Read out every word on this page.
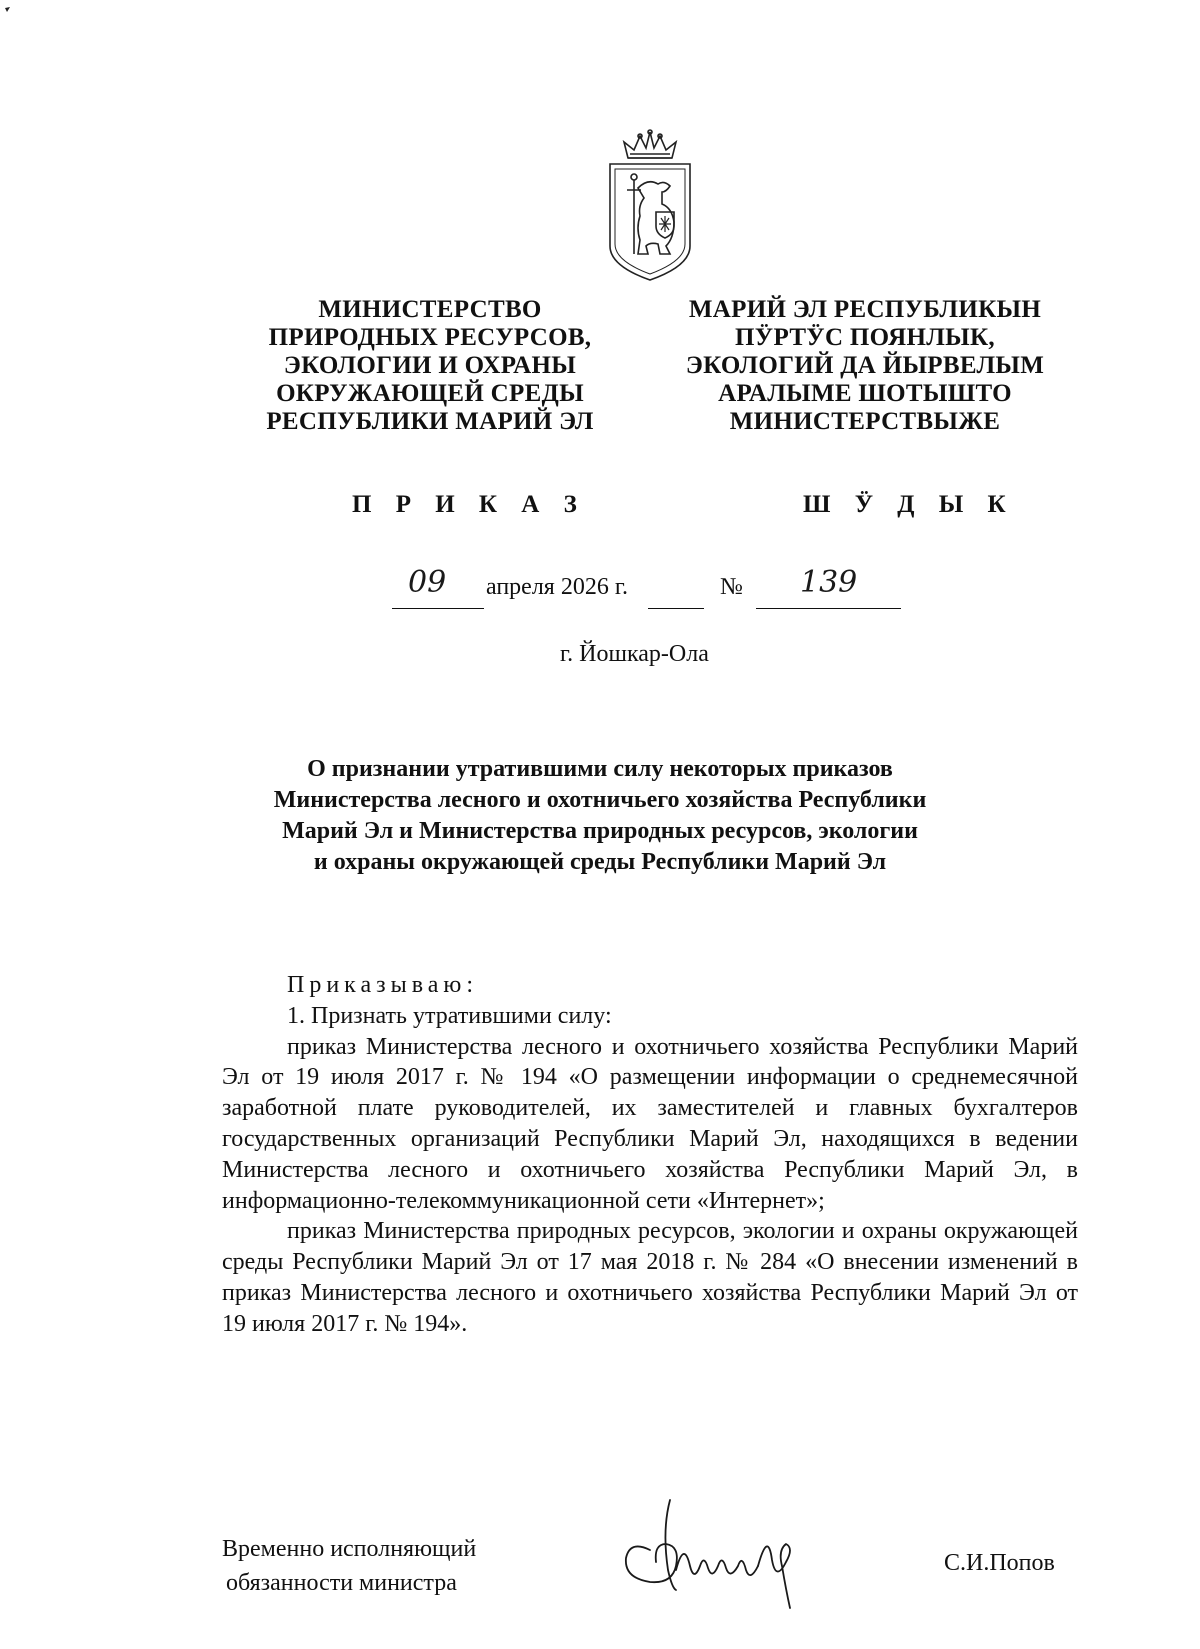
МИНИСТЕРСТВО
ПРИРОДНЫХ РЕСУРСОВ,
ЭКОЛОГИИ И ОХРАНЫ
ОКРУЖАЮЩЕЙ СРЕДЫ
РЕСПУБЛИКИ МАРИЙ ЭЛ
МАРИЙ ЭЛ РЕСПУБЛИКЫН
ПӰРТӰС ПОЯНЛЫК,
ЭКОЛОГИЙ ДА ЙЫРВЕЛЫМ
АРАЛЫМЕ ШОТЫШТО
МИНИСТЕРСТВЫЖЕ
П Р И К А З	Ш Ӱ Д Ы К
09 апреля 2026 г.	№ 139
г. Йошкар-Ола
О признании утратившими силу некоторых приказов
Министерства лесного и охотничьего хозяйства Республики
Марий Эл и Министерства природных ресурсов, экологии
и охраны окружающей среды Республики Марий Эл

Приказываю:

1. Признать утратившими силу:

приказ Министерства лесного и охотничьего хозяйства Республики Марий Эл от 19 июля 2017 г. № 194 «О размещении информации о среднемесячной заработной плате руководителей, их заместителей и главных бухгалтеров государственных организаций Республики Марий Эл, находящихся в ведении Министерства лесного и охотничьего хозяйства Республики Марий Эл, в информационно-телекоммуникационной сети «Интернет»;

приказ Министерства природных ресурсов, экологии и охраны окружающей среды Республики Марий Эл от 17 мая 2018 г. № 284 «О внесении изменений в приказ Министерства лесного и охотничьего хозяйства Республики Марий Эл от 19 июля 2017 г. № 194».

Временно исполняющий
обязанности министра
С.И.Попов
